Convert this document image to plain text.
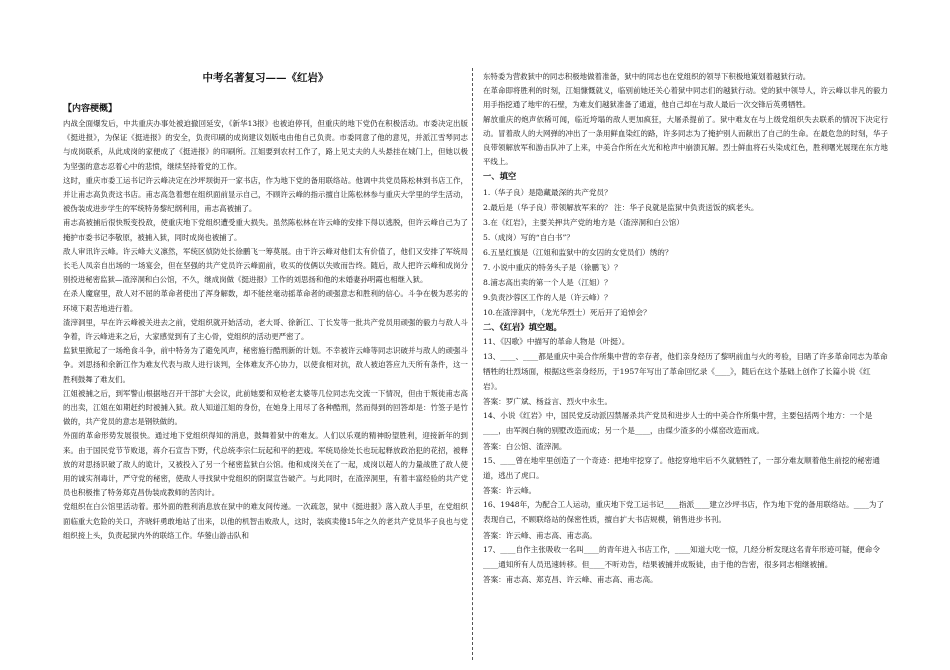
中考名著复习——《红岩》
【内容梗概】

内战全面爆发后，中共重庆办事处被迫撤回延安，《新华13报》也被迫停刊，但重庆的地下党仍在积极活动。市委决定出版《挺进报》，为保证《挺进报》的安全，负责印刷的成岗建议划版电由他自己负责。市委同意了他的意见，并派江雪琴同志与成岗联系，从此成岗的家便成了《挺进报》的印刷所。江姐要到农村工作了，路上见丈夫的人头悬挂在城门上，但她以极为坚强的意志忍着心中的悲愤，继续坚持着党的工作。

这时，重庆市委工运书记许云峰决定在沙坪坝街开一家书店，作为地下党的备用联络站。他调中共党员陈松林到书店工作，并让甫志高负责这书店。甫志高急着想在组织面前显示自己，不顾许云峰的指示擅自让陈松林参与重庆大学里的学生活动，被伪装成进步学生的军统特务黎纪纲利用，甫志高被捕了。

甫志高被捕后很快叛变投敌，使重庆地下党组织遭受重大损失。虽然陈松林在许云峰的安排下得以逃脱，但许云峰自己为了掩护市委书记李敬原，被捕入狱，同时成岗也被捕了。

敌人审讯许云峰。许云峰大义凛然，军统区侦防处长徐鹏飞一筹莫展。由于许云峰对他们太有价值了，他们又安排了军统局长毛人凤亲自出场的一场宴会，但在坚强的共产党员许云峰面前，收买的伎俩以失败而告终。随后，敌人把许云峰和成岗分别投进秘密监狱—渣滓洞和白公馆，不久，继成岗做《挺进报》工作的刘思扬和他的未婚妻孙明霞也相继入狱。

在杀人魔窟里，敌人对不屈的革命者使出了浑身解数，却不能丝毫动摇革命者的顽强意志和胜利的信心。斗争在极为恶劣的环境下艰苦地进行着。

渣滓洞里，早在许云峰被关进去之前，党组织就开始活动，老大哥、徐新江、丁长发等一批共产党员用顽强的毅力与敌人斗争着，许云峰进来之后，大家感觉到有了主心骨，党组织的活动更严密了。

监狱里掀起了一场绝食斗争，前中特务为了避免风声，秘密施行酷刑新的计划。不幸被许云峰等同志识破并与敌人的顽强斗争。刘思扬和余新江作为难友代表与敌人进行谈判，全体难友齐心协力，以使食相对抗，敌人被迫答应九天所有条件，这一胜利鼓舞了难友们。

江姐被捕之后，到军警山根据地召开干部扩大会议，此前她要和双枪老太婆等几位同志先交流一下情况，但由于叛徒甫志高的出卖，江姐在如期赶约时被捕入狱。敌人知道江姐的身份，在她身上用尽了各种酷刑，然而得到的回答却是：竹签子是竹做的，共产党员的意志是钢铁做的。

外面的革命形势发展很快。通过地下党组织得知的消息，鼓舞着狱中的难友。人们以乐观的精神盼望胜利，迎接新年的到来。由于国民党节节败退，蒋介石宣告下野，代总统李宗仁玩起和平的把戏。军统局徐处长也玩起释放政治犯的花招，被释放的对思扬识破了敌人的诡计，又被投入了另一个秘密监狱白公馆。他和成岗关在了一起，成岗以超人的力量战胜了敌人使用的诚实剂毒计，严守党的秘密，使敌人寻找狱中党组织的阴谋宣告破产。与此同时，在渣滓洞里，有着丰富经验的共产党员也积极推了特务郑克昌伪装成教师的苦肉计。

党组织在白公馆里活动着。那外面的胜利消息放在狱中的难友间传递。一次疏忽，狱中《挺进报》落入敌人手里，在党组织面临重大危险的关口，齐晓轩勇敢地站了出来，以他的机智击败敌人，这时，装疯卖傻15年之久的老共产党员华子良也与党组织接上头，负责起狱内外的联络工作。华蓥山游击队和

东特委为营救狱中的同志积极地做着准备，狱中的同志也在党组织的领导下积极地策划着越狱行动。

在革命即将胜利的时刻，江姐慷慨就义，临别前她还关心着狱中同志们的越狱行动。党的狱中领导人，许云峰以非凡的毅力用手指挖通了地牢的石壁，为难友们越狱准备了通道，他自己却在与敌人最后一次交锋后英勇牺牲。

解放重庆的炮声依稀可闻，临近垮塌的敌人更加疯狂，大屠杀提前了。狱中难友在与上级党组织失去联系的情况下决定行动。冒着敌人的大网弹的冲出了一条用鲜血染红的路，许多同志为了掩护别人而献出了自己的生命。在最危急的时刻，华子良带领解放军和游击队冲了上来，中美合作所在火光和枪声中崩溃瓦解。烈士鲜血将石头染成红色，胜利曙光展现在东方地平线上。

一、填空

1.（华子良）是隐藏最深的共产党员？

2.最后是（华子良）带领解放军来的？ 注：华子良就是监狱中负责送饭的疯老头。

3.在《红岩》，主要关押共产党的地方是（渣滓洞和白公馆）

5.（成岗）写的“自白书”？

6.五星红旗是（江姐和监狱中的女囚的女党员们）绣的？

7. 小说中重庆的特务头子是（徐鹏飞）？

8.浦志高出卖的第一个人是（江姐）？

9.负责沙蓉区工作的人是（许云峰）？

10.在渣滓洞中，（龙光华烈士）死后开了追悼会？

二、《红岩》填空题。

11、《囚歌》中描写的革命人物是（叶挺）。

13、____、____都是重庆中美合作所集中营的幸存者，他们亲身经历了黎明前血与火的考验，目睹了许多革命同志为革命牺牲的壮烈场面，根据这些亲身经历，于1957年写出了革命回忆录《____》，随后在这个基础上创作了长篇小说《红岩》。

答案：罗广斌、杨益言、烈火中永生。

14、小说《红岩》中，国民党反动派囚禁屠杀共产党员和进步人士的中美合作所集中营，主要包括两个地方：一个是____，由军阀白驹的别墅改造而成；另一个是____，由煤少渣多的小煤窑改造而成。

答案：白公馆、渣滓洞。

15、____曾在地牢里创造了一个奇迹：把地牢挖穿了。他挖穿地牢后不久就牺牲了，一部分难友顺着他生前挖的秘密通道，逃出了虎口。

答案：许云峰。

16、1948年，为配合工人运动，重庆地下党工运书记____指派____建立沙坪书店，作为地下党的备用联络站。____为了表现自己，不顾联络站的保密性质，擅自扩大书店规模，销售进步书刊。

答案：许云峰、甫志高、甫志高。

17、____自作主张吸收一名叫____的青年进入书店工作，____知道大吃一惊，几经分析发现这名青年形迹可疑，便命令____通知所有人员迅速转移。但____不听劝告，结果被捕并成叛徒，由于他的告密，很多同志相继被捕。

答案：甫志高、郑克昌、许云峰、甫志高、甫志高。
